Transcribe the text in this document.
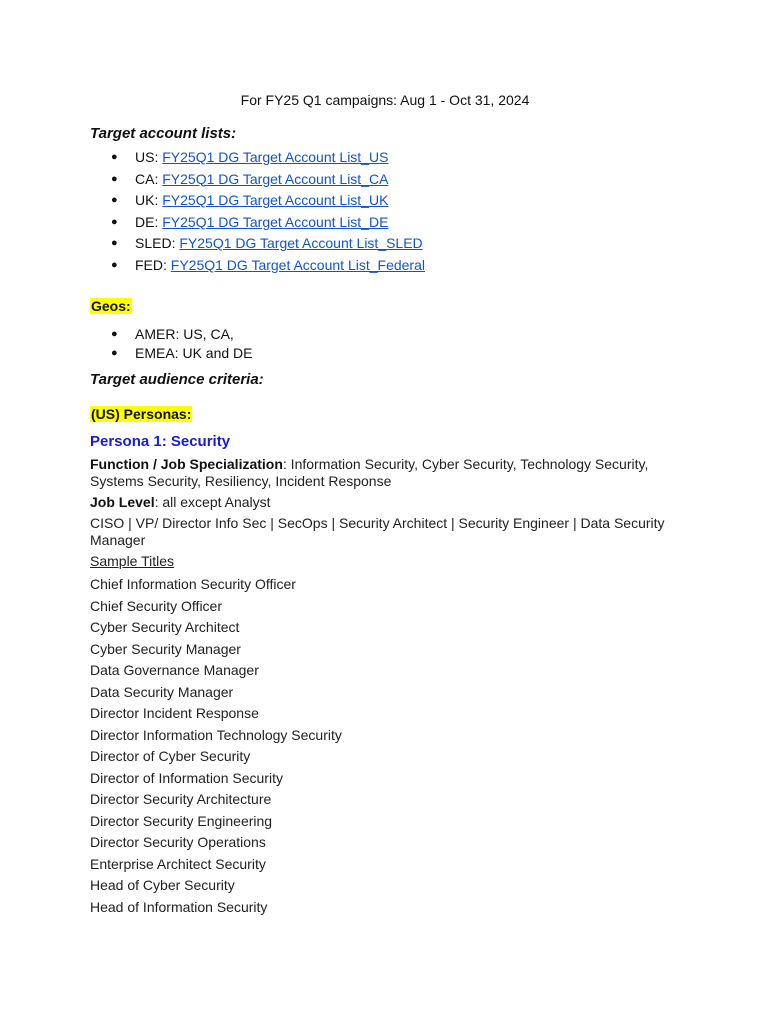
For FY25 Q1 campaigns: Aug 1 - Oct 31, 2024
Target account lists:
● US: FY25Q1 DG Target Account List_US
● CA: FY25Q1 DG Target Account List_CA
● UK: FY25Q1 DG Target Account List_UK
● DE: FY25Q1 DG Target Account List_DE
● SLED: FY25Q1 DG Target Account List_SLED
● FED: FY25Q1 DG Target Account List_Federal
Geos:
● AMER: US, CA,
● EMEA: UK and DE
Target audience criteria:
(US) Personas:
Persona 1: Security
Function / Job Specialization: Information Security, Cyber Security, Technology Security, Systems Security, Resiliency, Incident Response
Job Level: all except Analyst
CISO | VP/ Director Info Sec | SecOps | Security Architect | Security Engineer | Data Security Manager
Sample Titles
Chief Information Security Officer
Chief Security Officer
Cyber Security Architect
Cyber Security Manager
Data Governance Manager
Data Security Manager
Director Incident Response
Director Information Technology Security
Director of Cyber Security
Director of Information Security
Director Security Architecture
Director Security Engineering
Director Security Operations
Enterprise Architect Security
Head of Cyber Security
Head of Information Security
